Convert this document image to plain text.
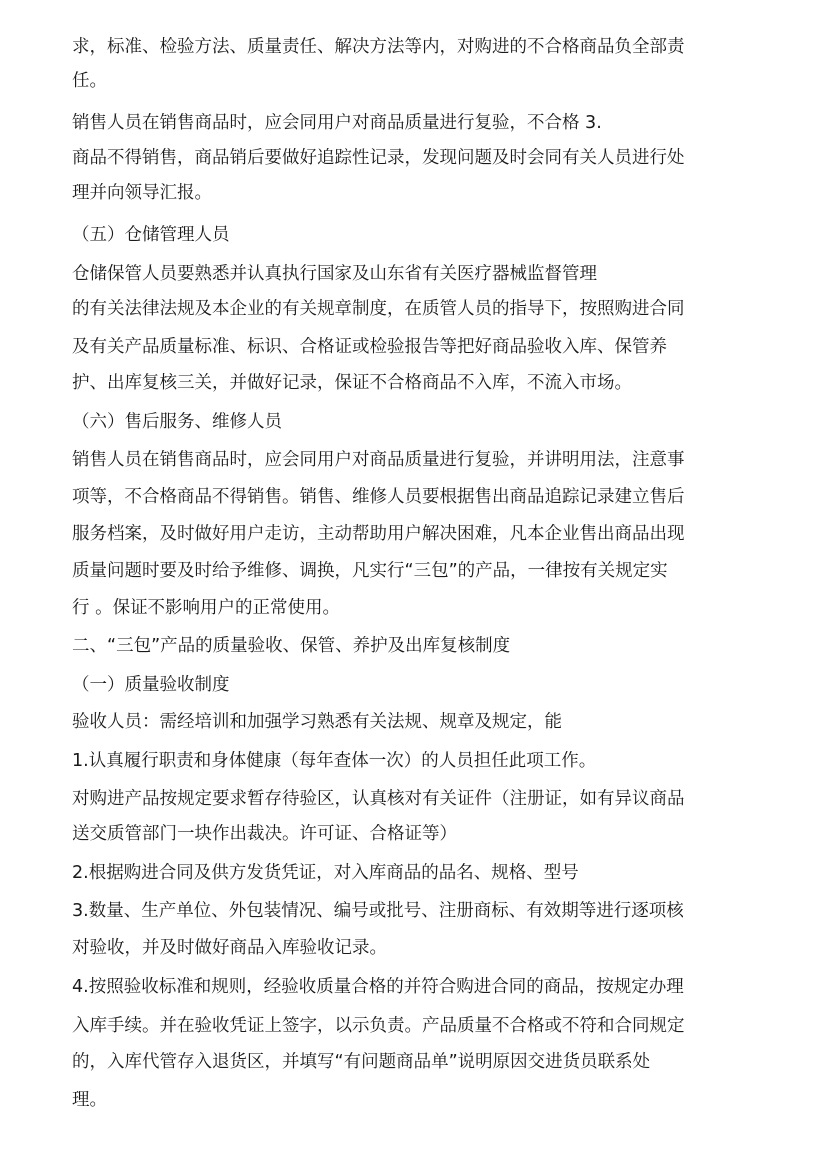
求，标准、检验方法、质量责任、解决方法等内，对购进的不合格商品负全部责
任。
销售人员在销售商品时，应会同用户对商品质量进行复验，不合格 3.
商品不得销售，商品销后要做好追踪性记录，发现问题及时会同有关人员进行处
理并向领导汇报。
（五）仓储管理人员
仓储保管人员要熟悉并认真执行国家及山东省有关医疗器械监督管理
的有关法律法规及本企业的有关规章制度，在质管人员的指导下，按照购进合同
及有关产品质量标准、标识、合格证或检验报告等把好商品验收入库、保管养
护、出库复核三关，并做好记录，保证不合格商品不入库，不流入市场。
（六）售后服务、维修人员
销售人员在销售商品时，应会同用户对商品质量进行复验，并讲明用法，注意事
项等，不合格商品不得销售。销售、维修人员要根据售出商品追踪记录建立售后
服务档案，及时做好用户走访，主动帮助用户解决困难，凡本企业售出商品出现
质量问题时要及时给予维修、调换，凡实行“三包”的产品，一律按有关规定实
行 。保证不影响用户的正常使用。
二、“三包”产品的质量验收、保管、养护及出库复核制度
（一）质量验收制度
验收人员：需经培训和加强学习熟悉有关法规、规章及规定，能
1.认真履行职责和身体健康（每年查体一次）的人员担任此项工作。
对购进产品按规定要求暂存待验区，认真核对有关证件（注册证，如有异议商品
送交质管部门一块作出裁决。许可证、合格证等）
2.根据购进合同及供方发货凭证，对入库商品的品名、规格、型号
3.数量、生产单位、外包装情况、编号或批号、注册商标、有效期等进行逐项核
对验收，并及时做好商品入库验收记录。
4.按照验收标准和规则，经验收质量合格的并符合购进合同的商品，按规定办理
入库手续。并在验收凭证上签字，以示负责。产品质量不合格或不符和合同规定
的，入库代管存入退货区，并填写“有问题商品单”说明原因交进货员联系处
理。
